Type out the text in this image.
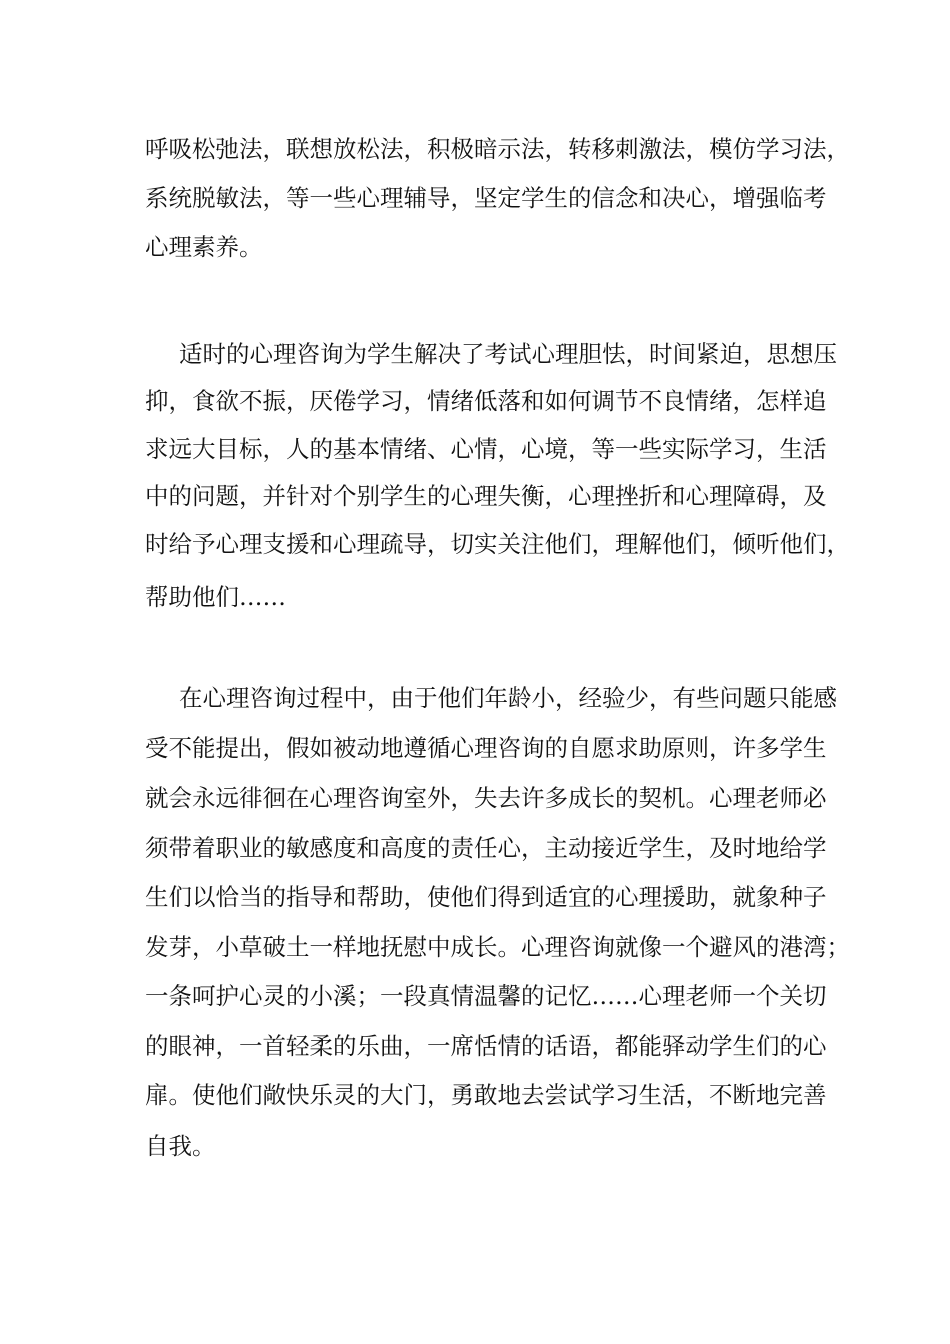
呼吸松弛法，联想放松法，积极暗示法，转移刺激法，模仿学习法，
系统脱敏法，等一些心理辅导，坚定学生的信念和决心，增强临考
心理素养。
适时的心理咨询为学生解决了考试心理胆怯，时间紧迫，思想压
抑，食欲不振，厌倦学习，情绪低落和如何调节不良情绪，怎样追
求远大目标，人的基本情绪、心情，心境，等一些实际学习，生活
中的问题，并针对个别学生的心理失衡，心理挫折和心理障碍，及
时给予心理支援和心理疏导，切实关注他们，理解他们，倾听他们，
帮助他们……
在心理咨询过程中，由于他们年龄小，经验少，有些问题只能感
受不能提出，假如被动地遵循心理咨询的自愿求助原则，许多学生
就会永远徘徊在心理咨询室外，失去许多成长的契机。心理老师必
须带着职业的敏感度和高度的责任心，主动接近学生，及时地给学
生们以恰当的指导和帮助，使他们得到适宜的心理援助，就象种子
发芽，小草破土一样地抚慰中成长。心理咨询就像一个避风的港湾；
一条呵护心灵的小溪；一段真情温馨的记忆……心理老师一个关切
的眼神，一首轻柔的乐曲，一席恬情的话语，都能驿动学生们的心
扉。使他们敞快乐灵的大门，勇敢地去尝试学习生活，不断地完善
自我。
